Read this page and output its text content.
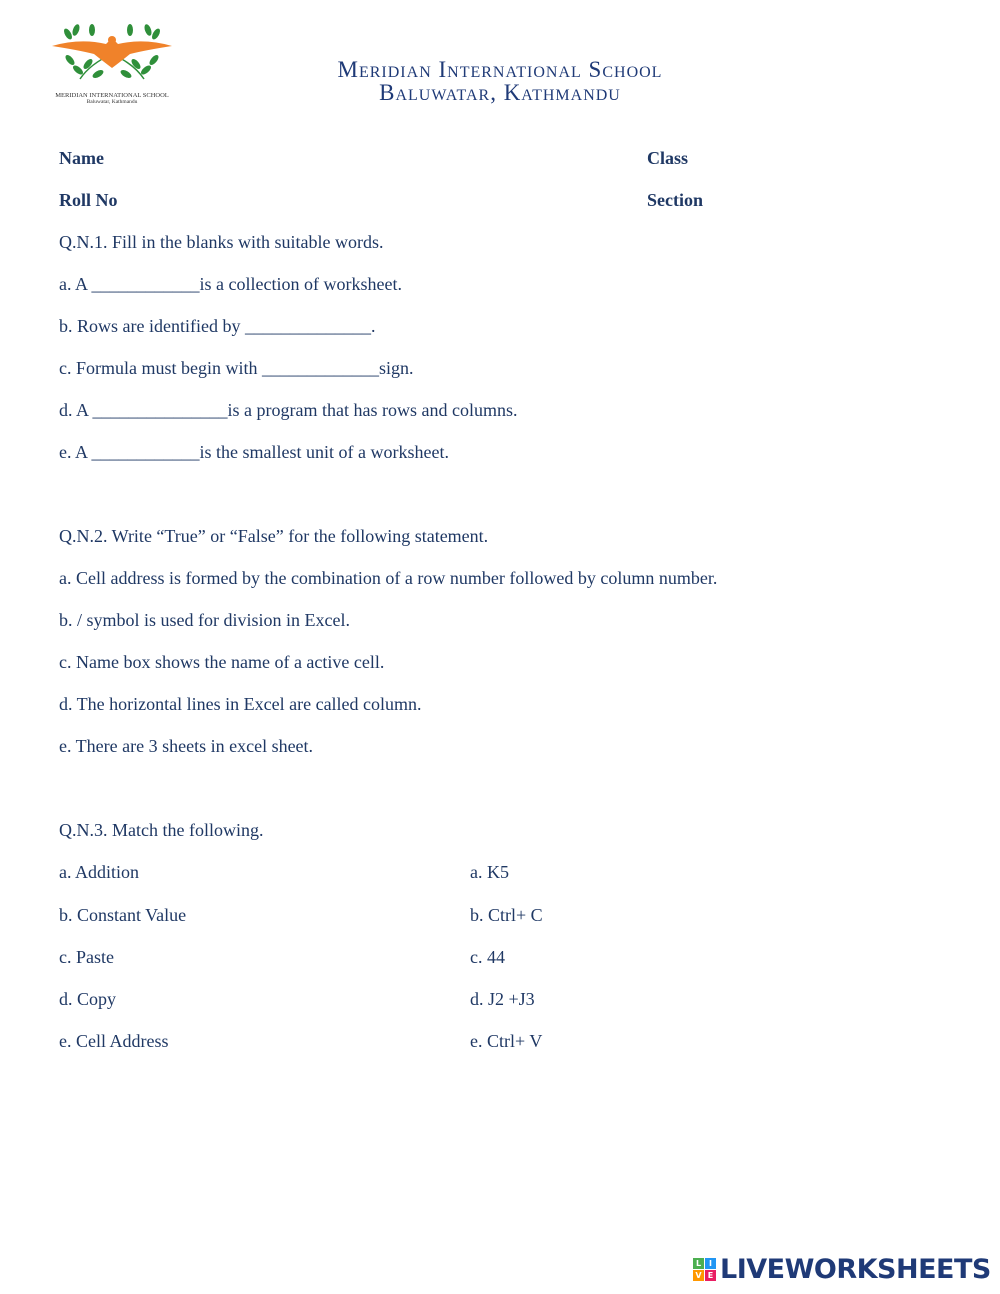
MERIDIAN INTERNATIONAL SCHOOL
Baluwatar, Kathmandu
Meridian International School
Baluwatar, Kathmandu
Name	Class
Roll No	Section
Q.N.1. Fill in the blanks with suitable words.
a. A ____________is a collection of worksheet.
b. Rows are identified by ______________.
c. Formula must begin with _____________sign.
d. A _______________is a program that has rows and columns.
e. A ____________is the smallest unit of a worksheet.
Q.N.2. Write “True” or “False” for the following statement.
a. Cell address is formed by the combination of a row number followed by column number.
b. / symbol is used for division in Excel.
c. Name box shows the name of a active cell.
d. The horizontal lines in Excel are called column.
e. There are 3 sheets in excel sheet.
Q.N.3. Match the following.
a. Addition	a. K5
b. Constant Value	b. Ctrl+ C
c. Paste	c. 44
d. Copy	d. J2 +J3
e. Cell Address	e. Ctrl+ V
L I
V E LIVEWORKSHEETS
